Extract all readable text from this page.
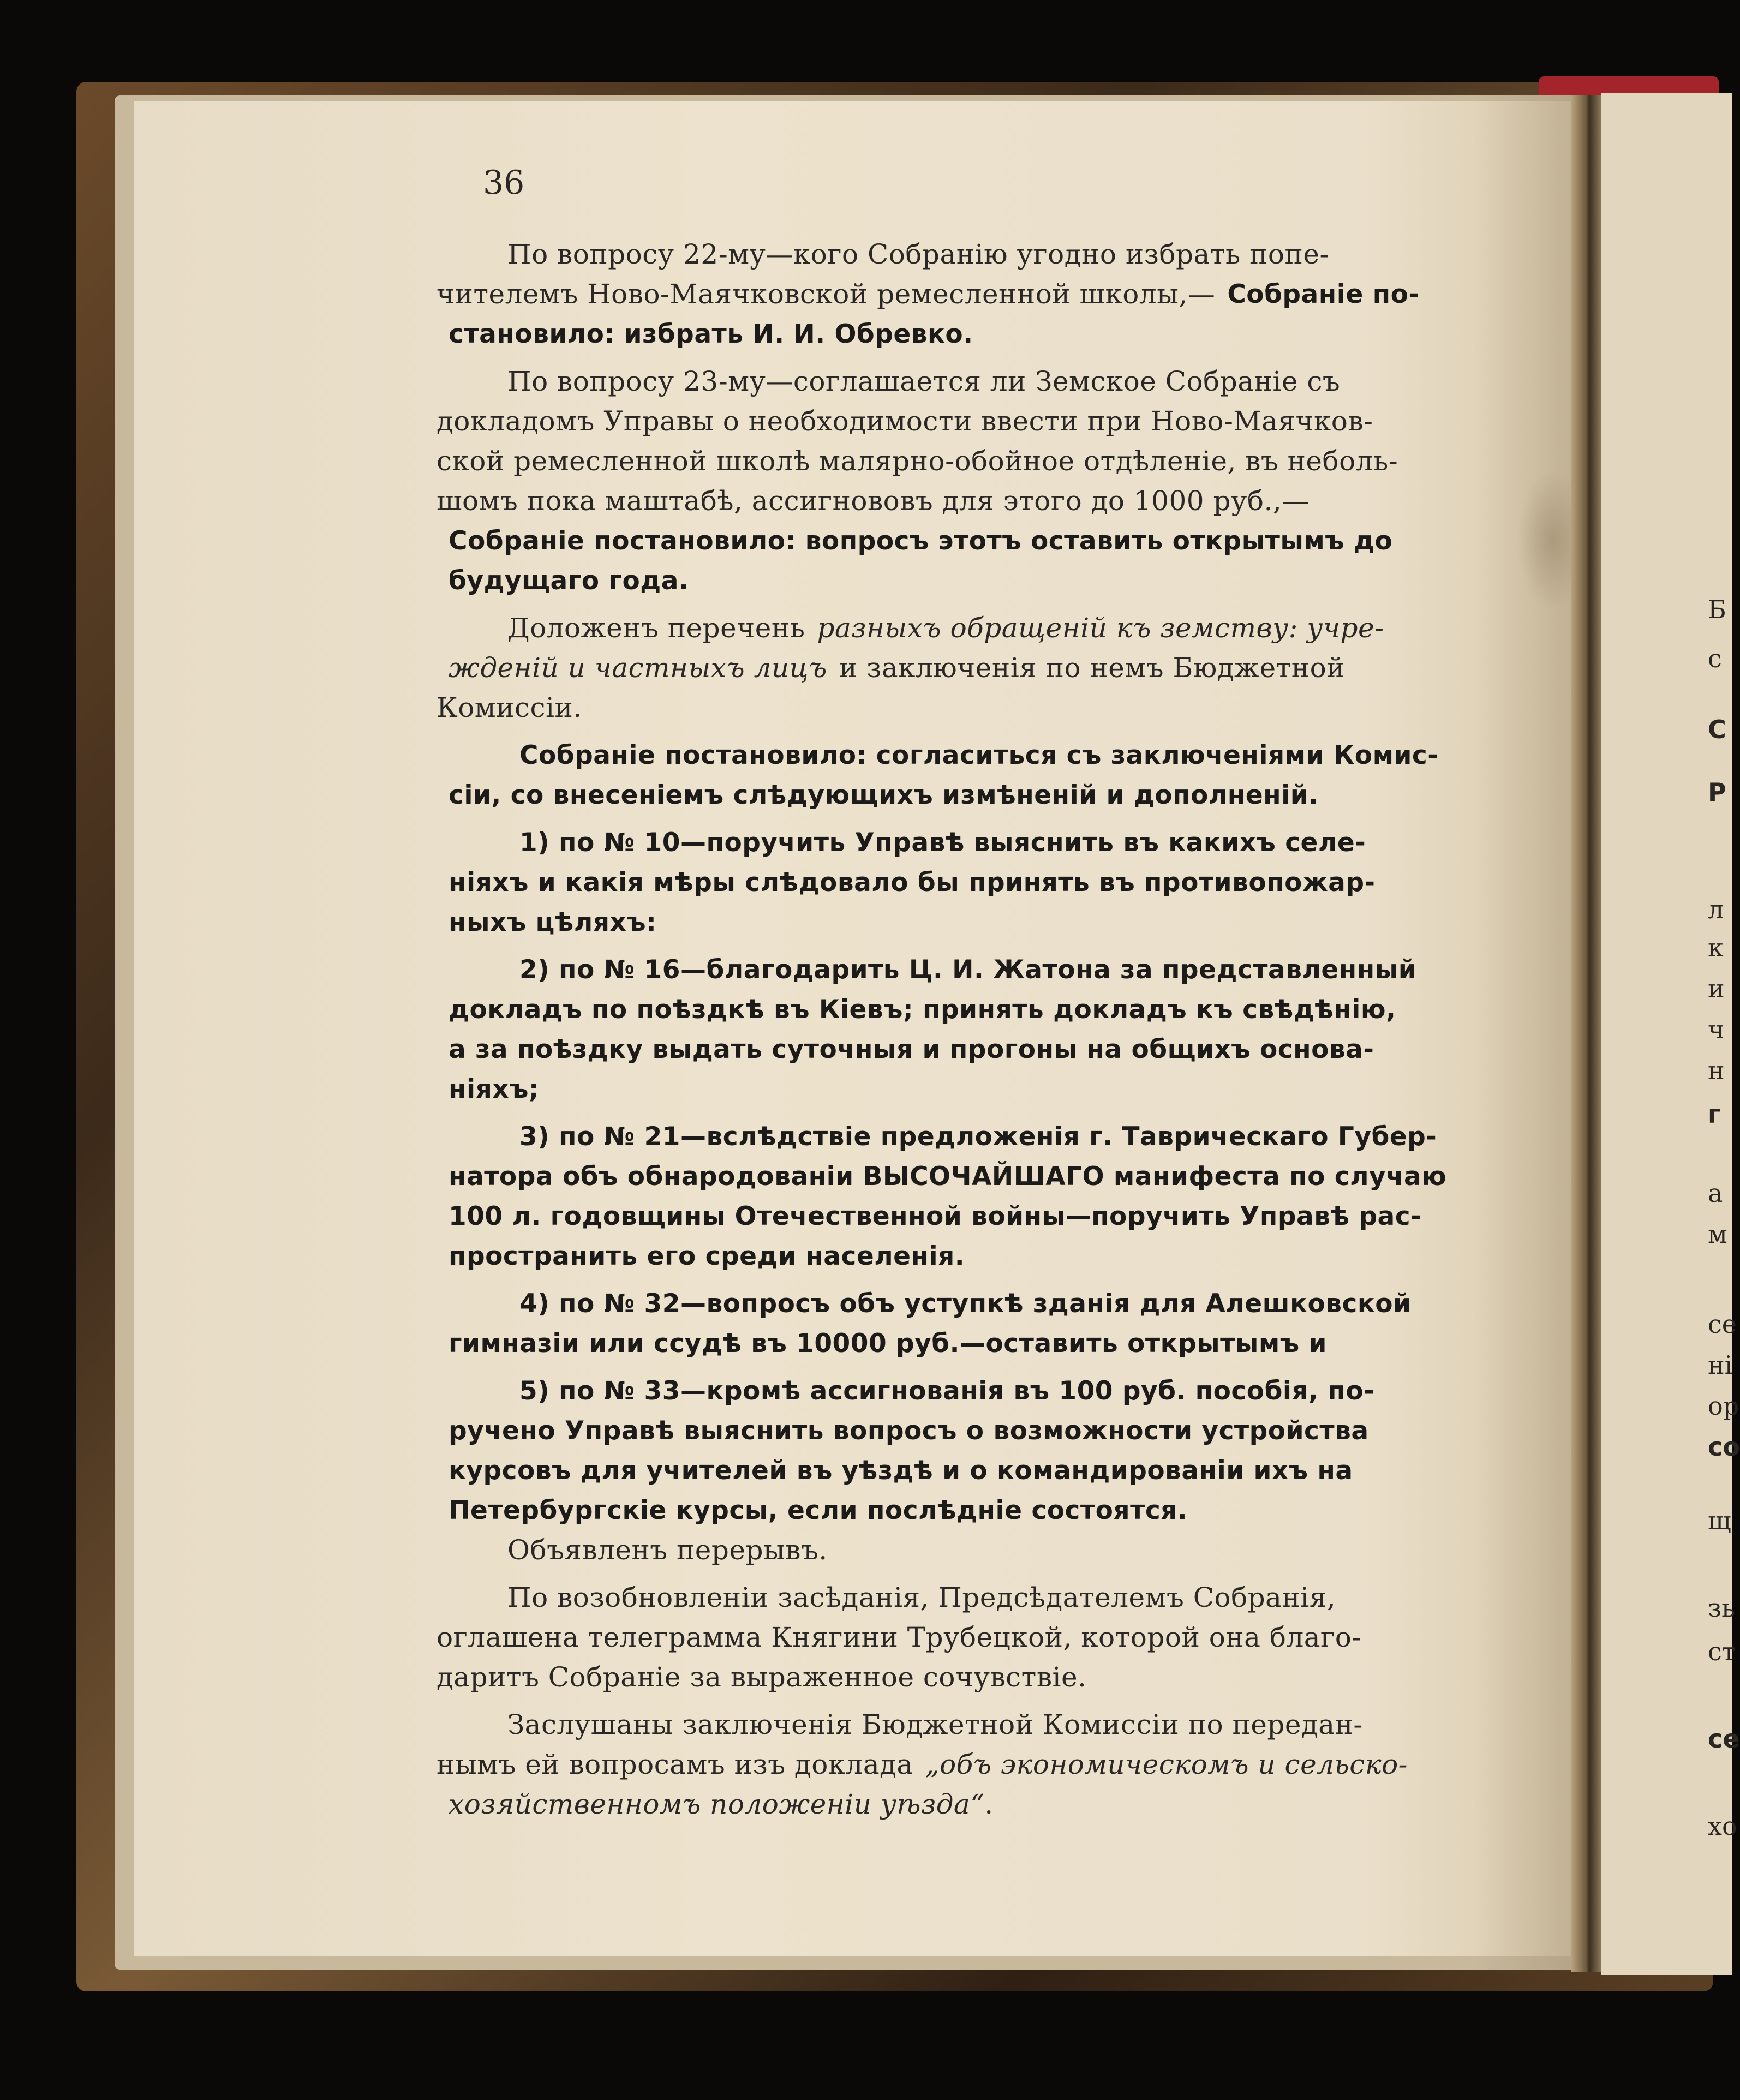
Б
с
С
Р
л
к
и
ч
н
г
а
м
се
ні
ор
со
щ
зь
ст
се
хо
36
По вопросу 22-му—кого Собранію угодно избрать попе-
чителемъ Ново-Маячковской ремесленной школы,— Собраніе по-
становило: избрать И. И. Обревко.
По вопросу 23-му—соглашается ли Земское Собраніе съ
докладомъ Управы о необходимости ввести при Ново-Маячков-
ской ремесленной школѣ малярно-обойное отдѣленіе, въ неболь-
шомъ пока маштабѣ, ассигнововъ для этого до 1000 руб.,—
Собраніе постановило: вопросъ этотъ оставить открытымъ до
будущаго года.
Доложенъ перечень разныхъ обращеній къ земству: учре-
жденій и частныхъ лицъ и заключенія по немъ Бюджетной
Комиссіи.
Собраніе постановило: согласиться съ заключеніями Комис-
сіи, со внесеніемъ слѣдующихъ измѣненій и дополненій.
1) по № 10—поручить Управѣ выяснить въ какихъ селе-
ніяхъ и какія мѣры слѣдовало бы принять въ противопожар-
ныхъ цѣляхъ:
2) по № 16—благодарить Ц. И. Жатона за представленный
докладъ по поѣздкѣ въ Кіевъ; принять докладъ къ свѣдѣнію,
а за поѣздку выдать суточныя и прогоны на общихъ основа-
ніяхъ;
3) по № 21—вслѣдствіе предложенія г. Таврическаго Губер-
натора объ обнародованіи ВЫСОЧАЙШАГО манифеста по случаю
100 л. годовщины Отечественной войны—поручить Управѣ рас-
пространить его среди населенія.
4) по № 32—вопросъ объ уступкѣ зданія для Алешковской
гимназіи или ссудѣ въ 10000 руб.—оставить открытымъ и
5) по № 33—кромѣ ассигнованія въ 100 руб. пособія, по-
ручено Управѣ выяснить вопросъ о возможности устройства
курсовъ для учителей въ уѣздѣ и о командированіи ихъ на
Петербургскіе курсы, если послѣдніе состоятся.
Объявленъ перерывъ.
По возобновленіи засѣданія, Предсѣдателемъ Собранія,
оглашена телеграмма Княгини Трубецкой, которой она благо-
даритъ Собраніе за выраженное сочувствіе.
Заслушаны заключенія Бюджетной Комиссіи по передан-
нымъ ей вопросамъ изъ доклада „объ экономическомъ и сельско-
хозяйственномъ положеніи уѣзда“ .
